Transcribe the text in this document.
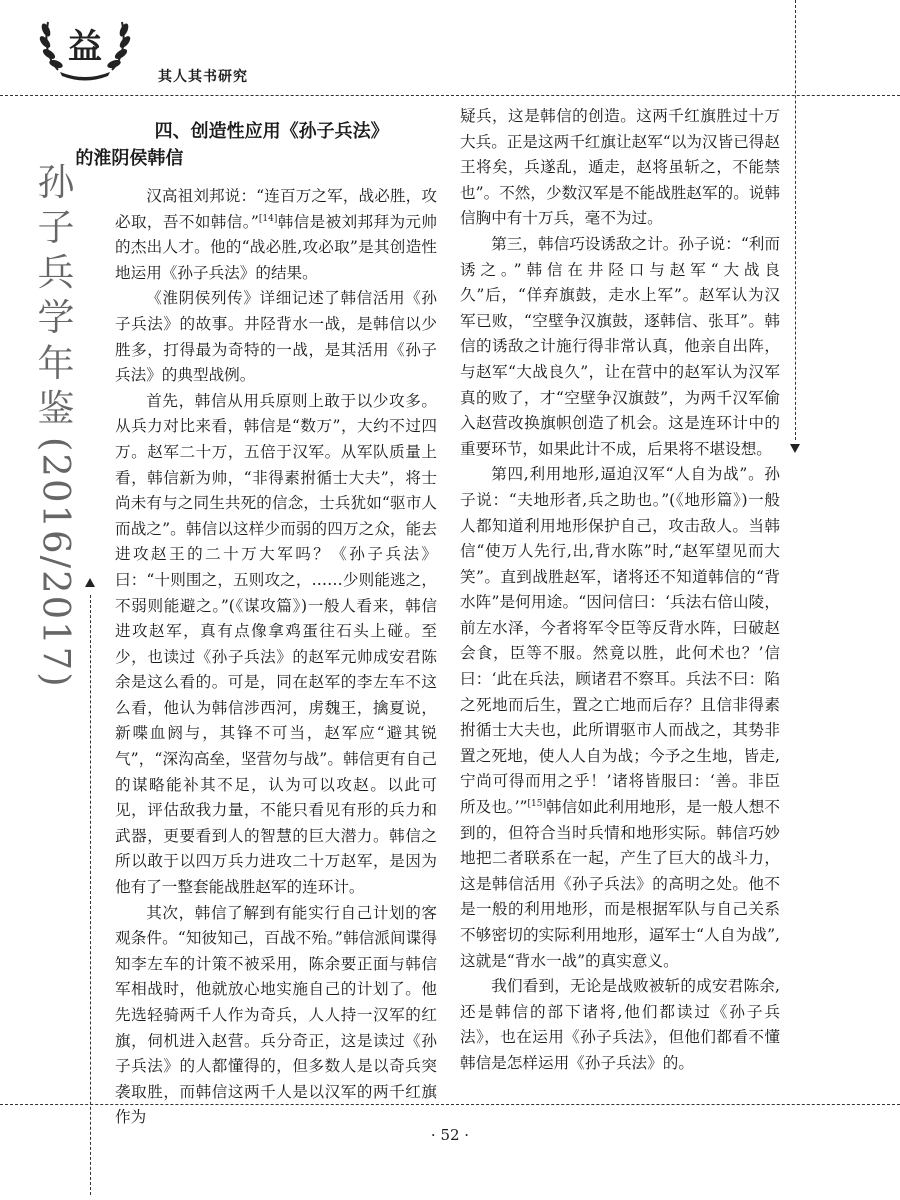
益
其人其书研究
孙
子
兵
学
年
鉴
(2016/2017)
四、创造性应用《孙子兵法》
的淮阴侯韩信

汉高祖刘邦说：“连百万之军，战必胜，攻必取，吾不如韩信。”[14]韩信是被刘邦拜为元帅的杰出人才。他的“战必胜,攻必取”是其创造性地运用《孙子兵法》的结果。

《淮阴侯列传》详细记述了韩信活用《孙子兵法》的故事。井陉背水一战，是韩信以少胜多，打得最为奇特的一战，是其活用《孙子兵法》的典型战例。

首先，韩信从用兵原则上敢于以少攻多。从兵力对比来看，韩信是“数万”，大约不过四万。赵军二十万，五倍于汉军。从军队质量上看，韩信新为帅，“非得素拊循士大夫”，将士尚未有与之同生共死的信念，士兵犹如“驱市人而战之”。韩信以这样少而弱的四万之众，能去进攻赵王的二十万大军吗？《孙子兵法》曰：“十则围之，五则攻之，……少则能逃之，不弱则能避之。”(《谋攻篇》)一般人看来，韩信进攻赵军，真有点像拿鸡蛋往石头上碰。至少，也读过《孙子兵法》的赵军元帅成安君陈余是这么看的。可是，同在赵军的李左车不这么看，他认为韩信涉西河，虏魏王，擒夏说，新喋血阏与，其锋不可当，赵军应“避其锐气”，“深沟高垒，坚营勿与战”。韩信更有自己的谋略能补其不足，认为可以攻赵。以此可见，评估敌我力量，不能只看见有形的兵力和武器，更要看到人的智慧的巨大潜力。韩信之所以敢于以四万兵力进攻二十万赵军，是因为他有了一整套能战胜赵军的连环计。

其次，韩信了解到有能实行自己计划的客观条件。“知彼知己，百战不殆。”韩信派间谍得知李左车的计策不被采用，陈余要正面与韩信军相战时，他就放心地实施自己的计划了。他先选轻骑两千人作为奇兵，人人持一汉军的红旗，伺机进入赵营。兵分奇正，这是读过《孙子兵法》的人都懂得的，但多数人是以奇兵突袭取胜，而韩信这两千人是以汉军的两千红旗作为

疑兵，这是韩信的创造。这两千红旗胜过十万大兵。正是这两千红旗让赵军“以为汉皆已得赵王将矣，兵遂乱，遁走，赵将虽斩之，不能禁也”。不然，少数汉军是不能战胜赵军的。说韩信胸中有十万兵，毫不为过。

第三，韩信巧设诱敌之计。孙子说：“利而诱之。”韩信在井陉口与赵军“大战良久”后，“佯弃旗鼓，走水上军”。赵军认为汉军已败，“空壁争汉旗鼓，逐韩信、张耳”。韩信的诱敌之计施行得非常认真，他亲自出阵，与赵军“大战良久”，让在营中的赵军认为汉军真的败了，才“空壁争汉旗鼓”，为两千汉军偷入赵营改换旗帜创造了机会。这是连环计中的重要环节，如果此计不成，后果将不堪设想。

第四,利用地形,逼迫汉军“人自为战”。孙子说：“夫地形者,兵之助也。”(《地形篇》)一般人都知道利用地形保护自己，攻击敌人。当韩信“使万人先行,出,背水陈”时,“赵军望见而大笑”。直到战胜赵军，诸将还不知道韩信的“背水阵”是何用途。“因问信曰：‘兵法右倍山陵，前左水泽，今者将军令臣等反背水阵，曰破赵会食，臣等不服。然竟以胜，此何术也？’信曰：‘此在兵法，顾诸君不察耳。兵法不曰：陷之死地而后生，置之亡地而后存？且信非得素拊循士大夫也，此所谓驱市人而战之，其势非置之死地，使人人自为战；今予之生地，皆走,宁尚可得而用之乎！’诸将皆服曰：‘善。非臣所及也。’”[15]韩信如此利用地形，是一般人想不到的，但符合当时兵情和地形实际。韩信巧妙地把二者联系在一起，产生了巨大的战斗力，这是韩信活用《孙子兵法》的高明之处。他不是一般的利用地形，而是根据军队与自己关系不够密切的实际利用地形，逼军士“人自为战”,这就是“背水一战”的真实意义。

我们看到，无论是战败被斩的成安君陈余,还是韩信的部下诸将,他们都读过《孙子兵法》，也在运用《孙子兵法》，但他们都看不懂韩信是怎样运用《孙子兵法》的。

· 52 ·
